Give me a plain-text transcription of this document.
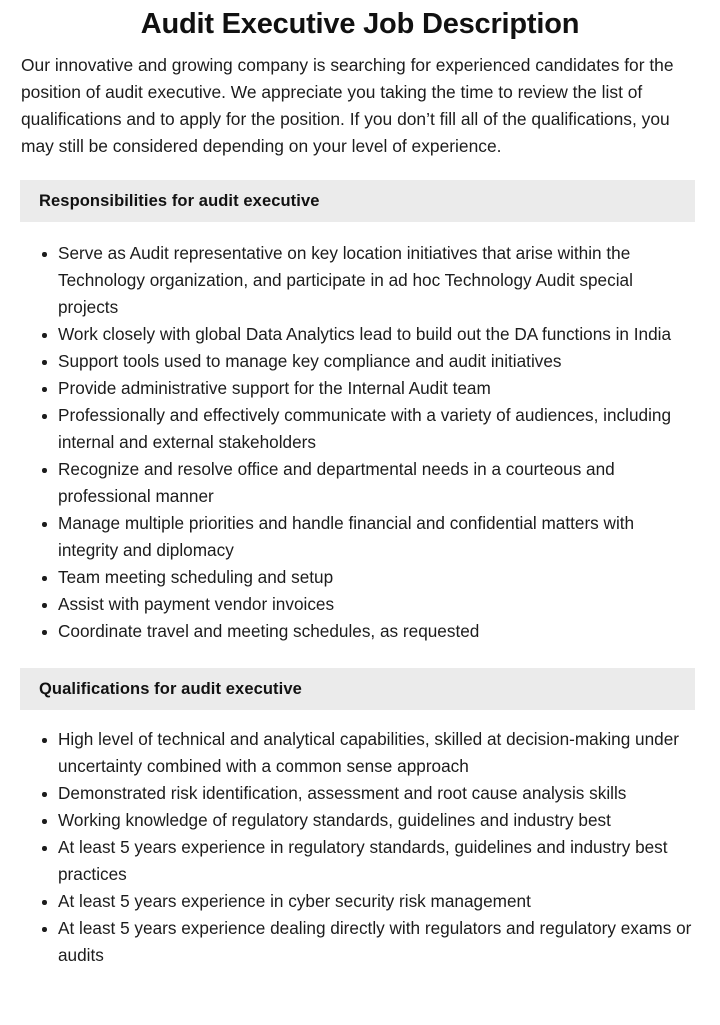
Audit Executive Job Description

Our innovative and growing company is searching for experienced candidates for the position of audit executive. We appreciate you taking the time to review the list of qualifications and to apply for the position. If you don’t fill all of the qualifications, you may still be considered depending on your level of experience.

Responsibilities for audit executive
Serve as Audit representative on key location initiatives that arise within the Technology organization, and participate in ad hoc Technology Audit special projects
Work closely with global Data Analytics lead to build out the DA functions in India
Support tools used to manage key compliance and audit initiatives
Provide administrative support for the Internal Audit team
Professionally and effectively communicate with a variety of audiences, including internal and external stakeholders
Recognize and resolve office and departmental needs in a courteous and professional manner
Manage multiple priorities and handle financial and confidential matters with integrity and diplomacy
Team meeting scheduling and setup
Assist with payment vendor invoices
Coordinate travel and meeting schedules, as requested
Qualifications for audit executive
High level of technical and analytical capabilities, skilled at decision-making under uncertainty combined with a common sense approach
Demonstrated risk identification, assessment and root cause analysis skills
Working knowledge of regulatory standards, guidelines and industry best
At least 5 years experience in regulatory standards, guidelines and industry best practices
At least 5 years experience in cyber security risk management
At least 5 years experience dealing directly with regulators and regulatory exams or audits
